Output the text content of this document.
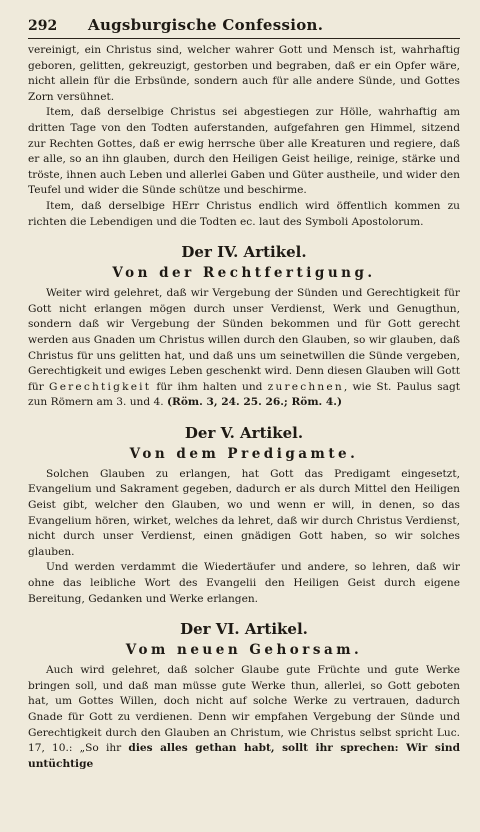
292	Augsburgische Confession.

vereinigt, ein Christus sind, welcher wahrer Gott und Mensch ist, wahrhaftig geboren, gelitten, gekreuzigt, gestorben und begraben, daß er ein Opfer wäre, nicht allein für die Erbsünde, sondern auch für alle andere Sünde, und Gottes Zorn versühnet.

Item, daß derselbige Christus sei abgestiegen zur Hölle, wahrhaftig am dritten Tage von den Todten auferstanden, aufgefahren gen Himmel, sitzend zur Rechten Gottes, daß er ewig herrsche über alle Kreaturen und regiere, daß er alle, so an ihn glauben, durch den Heiligen Geist heilige, reinige, stärke und tröste, ihnen auch Leben und allerlei Gaben und Güter austheile, und wider den Teufel und wider die Sünde schütze und beschirme.

Item, daß derselbige HErr Christus endlich wird öffentlich kommen zu richten die Lebendigen und die Todten ec. laut des Symboli Apostolorum.

Der IV. Artikel.
Von der Rechtfertigung.

Weiter wird gelehret, daß wir Vergebung der Sünden und Gerechtigkeit für Gott nicht erlangen mögen durch unser Verdienst, Werk und Genugthun, sondern daß wir Vergebung der Sünden bekommen und für Gott gerecht werden aus Gnaden um Christus willen durch den Glauben, so wir glauben, daß Christus für uns gelitten hat, und daß uns um seinetwillen die Sünde vergeben, Gerechtigkeit und ewiges Leben geschenkt wird. Denn diesen Glauben will Gott für Gerechtigkeit für ihm halten und zurechnen, wie St. Paulus sagt zun Römern am 3. und 4. (Röm. 3, 24. 25. 26.; Röm. 4.)

Der V. Artikel.
Von dem Predigamte.

Solchen Glauben zu erlangen, hat Gott das Predigamt eingesetzt, Evangelium und Sakrament gegeben, dadurch er als durch Mittel den Heiligen Geist gibt, welcher den Glauben, wo und wenn er will, in denen, so das Evangelium hören, wirket, welches da lehret, daß wir durch Christus Verdienst, nicht durch unser Verdienst, einen gnädigen Gott haben, so wir solches glauben.

Und werden verdammt die Wiedertäufer und andere, so lehren, daß wir ohne das leibliche Wort des Evangelii den Heiligen Geist durch eigene Bereitung, Gedanken und Werke erlangen.

Der VI. Artikel.
Vom neuen Gehorsam.

Auch wird gelehret, daß solcher Glaube gute Früchte und gute Werke bringen soll, und daß man müsse gute Werke thun, allerlei, so Gott geboten hat, um Gottes Willen, doch nicht auf solche Werke zu vertrauen, dadurch Gnade für Gott zu verdienen. Denn wir empfahen Vergebung der Sünde und Gerechtigkeit durch den Glauben an Christum, wie Christus selbst spricht Luc. 17, 10.: „So ihr dies alles gethan habt, sollt ihr sprechen: Wir sind untüchtige
